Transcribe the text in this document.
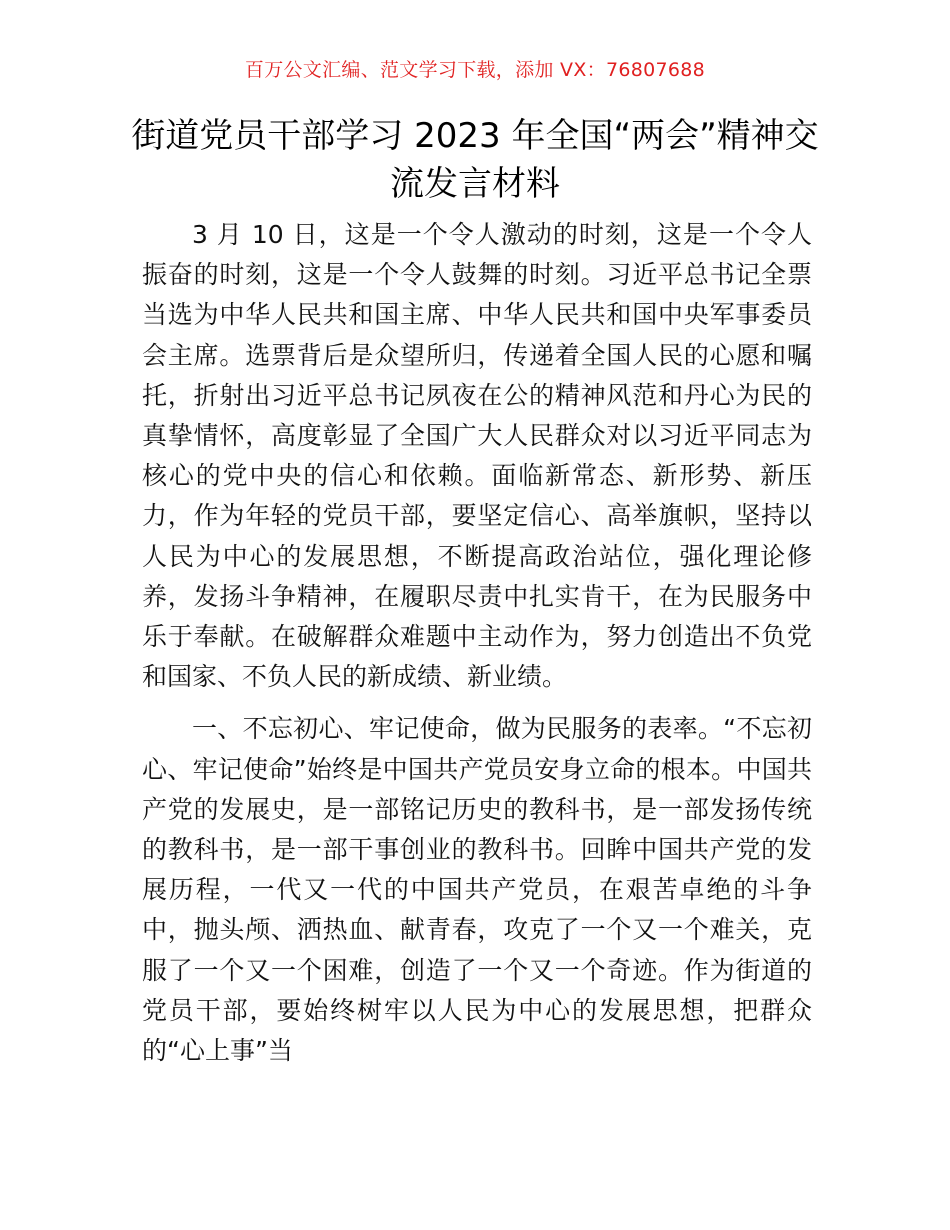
百万公文汇编、范文学习下载，添加 VX：76807688
街道党员干部学习 2023 年全国“两会”精神交流发言材料

3 月 10 日，这是一个令人激动的时刻，这是一个令人振奋的时刻，这是一个令人鼓舞的时刻。习近平总书记全票当选为中华人民共和国主席、中华人民共和国中央军事委员会主席。选票背后是众望所归，传递着全国人民的心愿和嘱托，折射出习近平总书记夙夜在公的精神风范和丹心为民的真挚情怀，高度彰显了全国广大人民群众对以习近平同志为核心的党中央的信心和依赖。面临新常态、新形势、新压力，作为年轻的党员干部，要坚定信心、高举旗帜，坚持以人民为中心的发展思想，不断提高政治站位，强化理论修养，发扬斗争精神，在履职尽责中扎实肯干，在为民服务中乐于奉献。在破解群众难题中主动作为，努力创造出不负党和国家、不负人民的新成绩、新业绩。

一、不忘初心、牢记使命，做为民服务的表率。“不忘初心、牢记使命”始终是中国共产党员安身立命的根本。中国共产党的发展史，是一部铭记历史的教科书，是一部发扬传统的教科书，是一部干事创业的教科书。回眸中国共产党的发展历程，一代又一代的中国共产党员，在艰苦卓绝的斗争中，抛头颅、洒热血、献青春，攻克了一个又一个难关，克服了一个又一个困难，创造了一个又一个奇迹。作为街道的党员干部，要始终树牢以人民为中心的发展思想，把群众的“心上事”当
